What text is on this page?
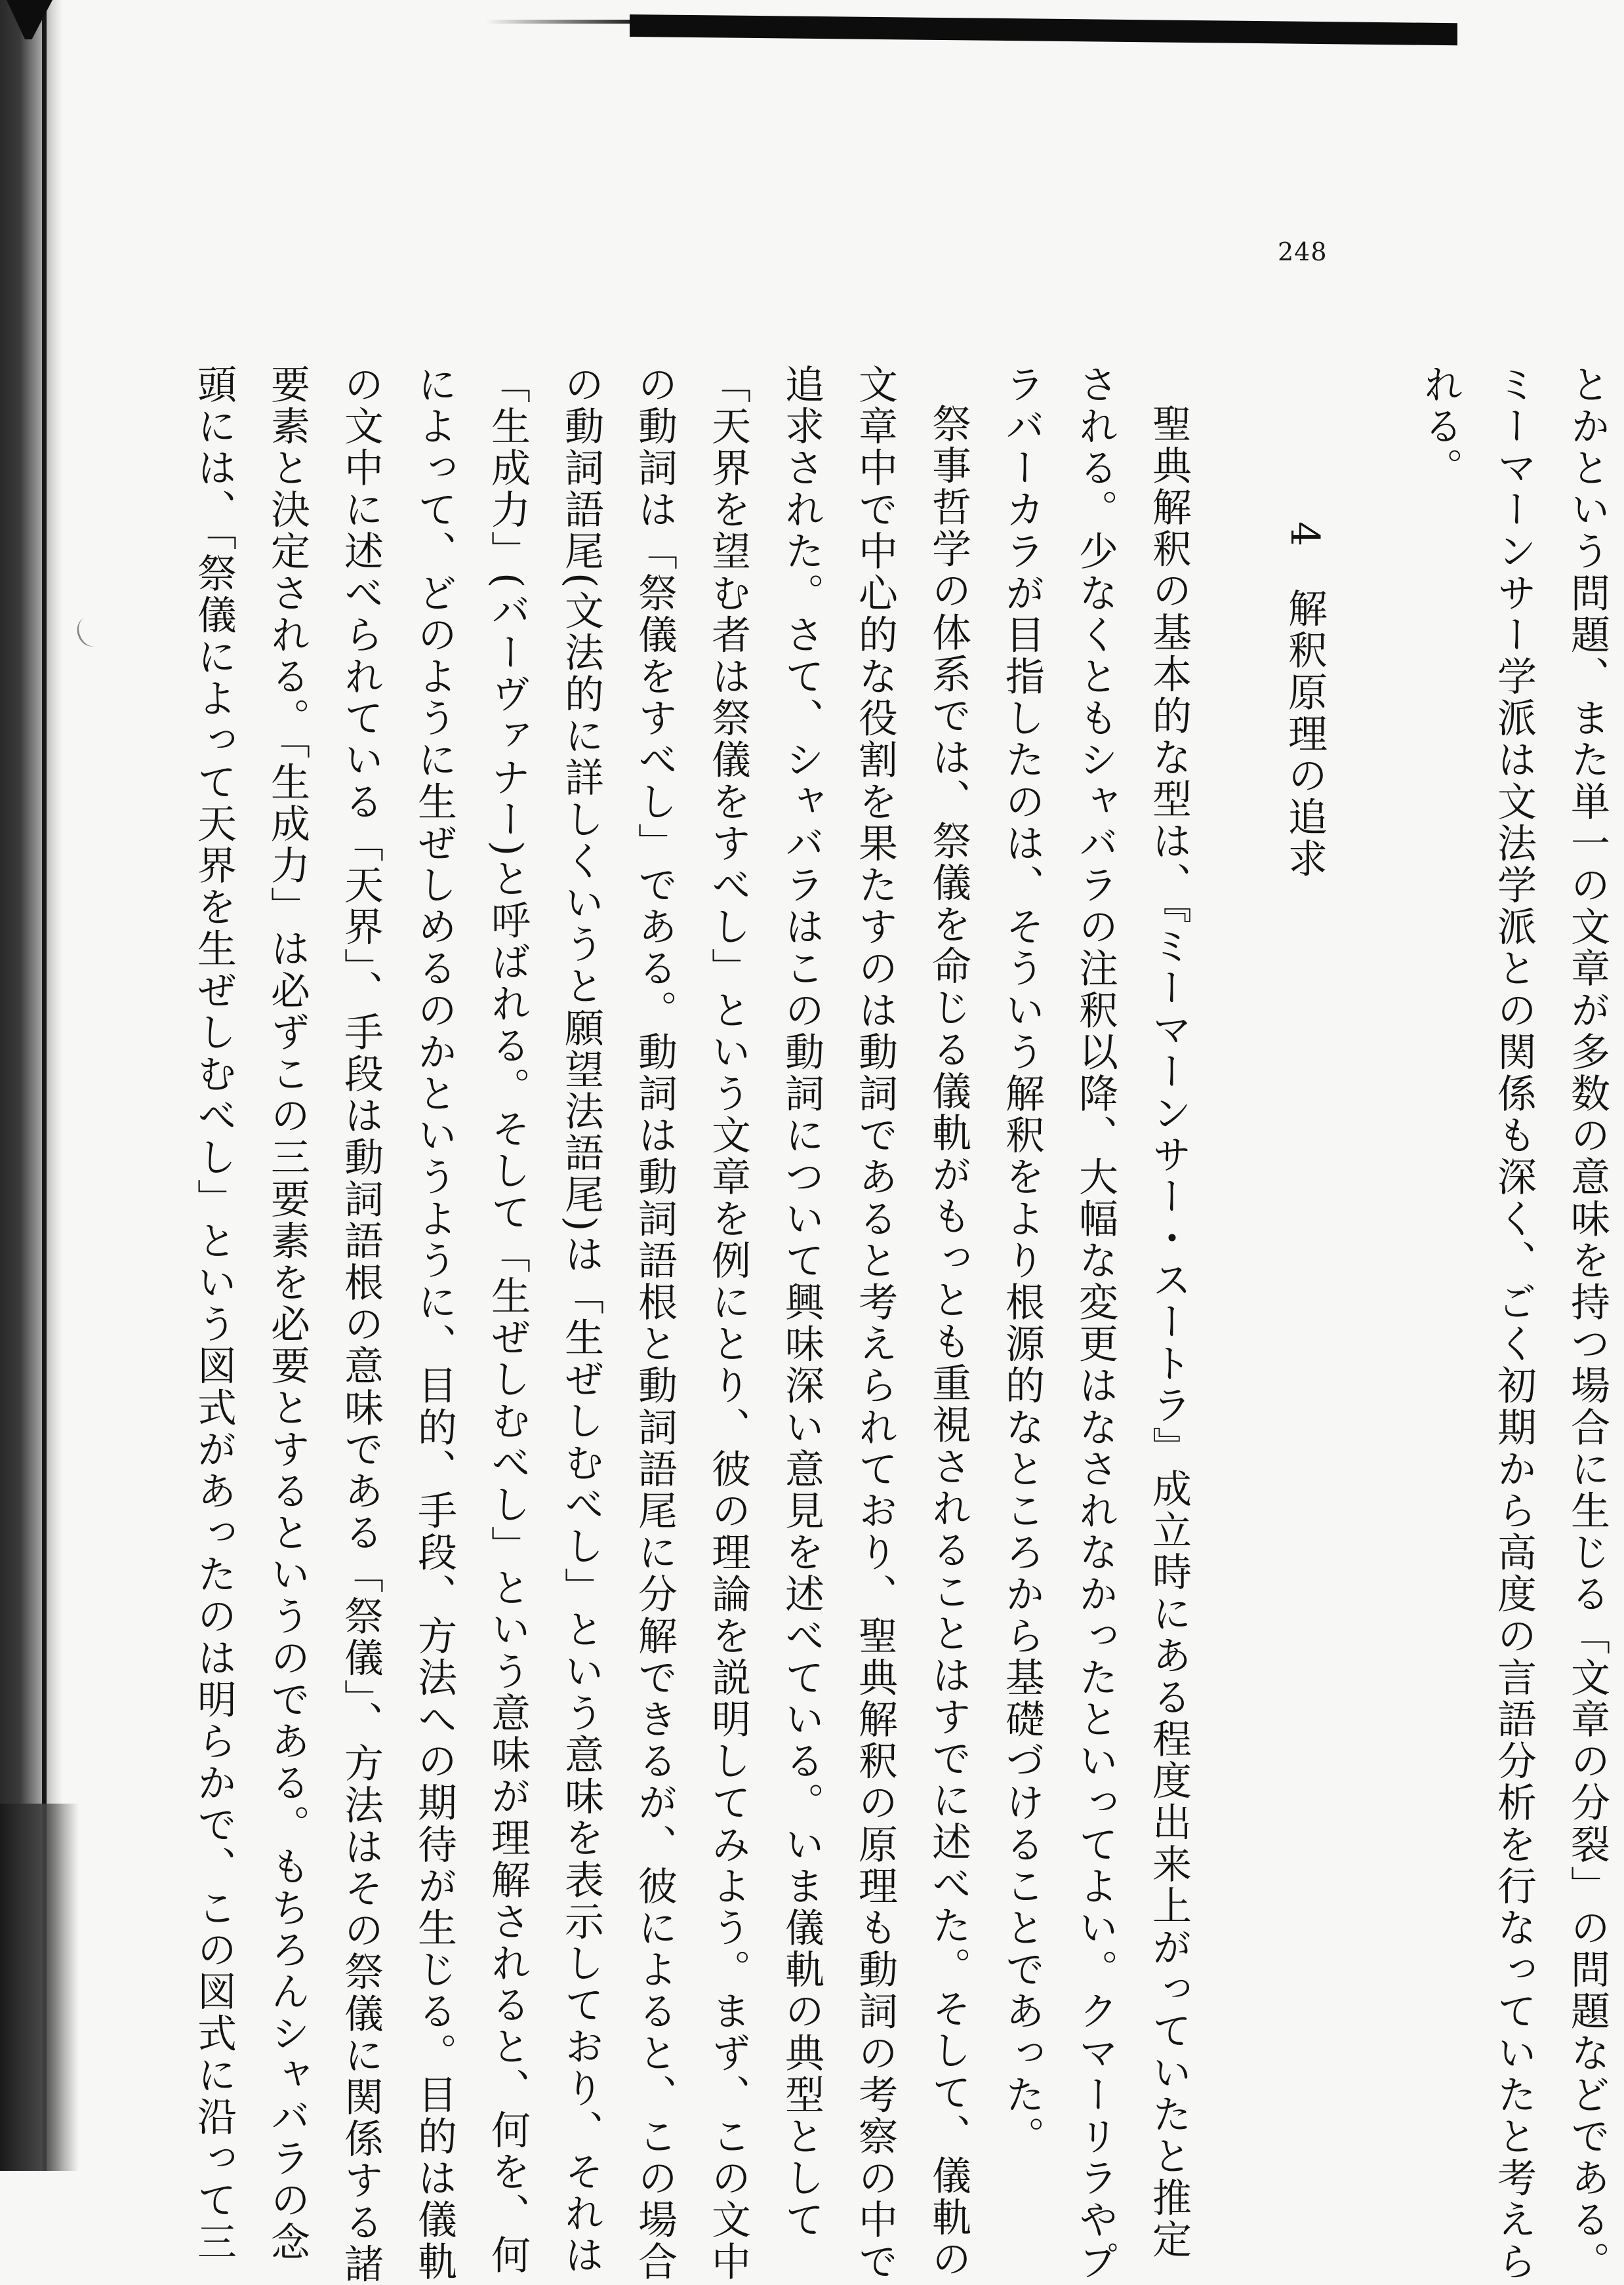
248

とかという問題、また単一の文章が多数の意味を持つ場合に生じる「文章の分裂」の問題などである。

ミーマーンサー学派は文法学派との関係も深く、ごく初期から高度の言語分析を行なっていたと考えら

れる。

4解釈原理の追求

聖典解釈の基本的な型は、『ミーマーンサー・スートラ』成立時にある程度出来上がっていたと推定

される。少なくともシャバラの注釈以降、大幅な変更はなされなかったといってよい。クマーリラやプ

ラバーカラが目指したのは、そういう解釈をより根源的なところから基礎づけることであった。

祭事哲学の体系では、祭儀を命じる儀軌がもっとも重視されることはすでに述べた。そして、儀軌の

文章中で中心的な役割を果たすのは動詞であると考えられており、聖典解釈の原理も動詞の考察の中で

追求された。さて、シャバラはこの動詞について興味深い意見を述べている。いま儀軌の典型として

「天界を望む者は祭儀をすべし」という文章を例にとり、彼の理論を説明してみよう。まず、この文中

の動詞は「祭儀をすべし」である。動詞は動詞語根と動詞語尾に分解できるが、彼によると、この場合

の動詞語尾(文法的に詳しくいうと願望法語尾)は「生ぜしむべし」という意味を表示しており、それは

「生成力」(バーヴァナー)と呼ばれる。そして「生ぜしむべし」という意味が理解されると、何を、何

によって、どのように生ぜしめるのかというように、目的、手段、方法への期待が生じる。目的は儀軌

の文中に述べられている「天界」、手段は動詞語根の意味である「祭儀」、方法はその祭儀に関係する諸

要素と決定される。「生成力」は必ずこの三要素を必要とするというのである。もちろんシャバラの念

頭には、「祭儀によって天界を生ぜしむべし」という図式があったのは明らかで、この図式に沿って三
